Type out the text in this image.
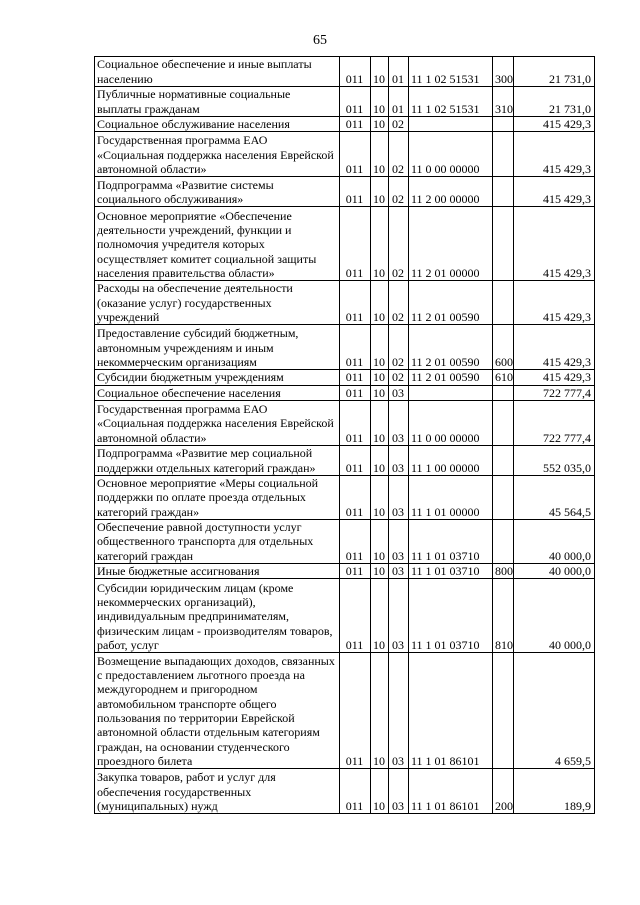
65
Социальное обеспечение и иные выплаты населению	011	10	01	11 1 02 51531	300	21 731,0
Публичные нормативные социальные выплаты гражданам	011	10	01	11 1 02 51531	310	21 731,0
Социальное обслуживание населения	011	10	02			415 429,3
Государственная программа ЕАО «Социальная поддержка населения Еврейской автономной области»	011	10	02	11 0 00 00000		415 429,3
Подпрограмма «Развитие системы социального обслуживания»	011	10	02	11 2 00 00000		415 429,3
Основное мероприятие «Обеспечение деятельности учреждений, функции и полномочия учредителя которых осуществляет комитет социальной защиты населения правительства области»	011	10	02	11 2 01 00000		415 429,3
Расходы на обеспечение деятельности (оказание услуг) государственных учреждений	011	10	02	11 2 01 00590		415 429,3
Предоставление субсидий бюджетным, автономным учреждениям и иным некоммерческим организациям	011	10	02	11 2 01 00590	600	415 429,3
Субсидии бюджетным учреждениям	011	10	02	11 2 01 00590	610	415 429,3
Социальное обеспечение населения	011	10	03			722 777,4
Государственная программа ЕАО «Социальная поддержка населения Еврейской автономной области»	011	10	03	11 0 00 00000		722 777,4
Подпрограмма «Развитие мер социальной поддержки отдельных категорий граждан»	011	10	03	11 1 00 00000		552 035,0
Основное мероприятие «Меры социальной поддержки по оплате проезда отдельных категорий граждан»	011	10	03	11 1 01 00000		45 564,5
Обеспечение равной доступности услуг общественного транспорта для отдельных категорий граждан	011	10	03	11 1 01 03710		40 000,0
Иные бюджетные ассигнования	011	10	03	11 1 01 03710	800	40 000,0
Субсидии юридическим лицам (кроме некоммерческих организаций), индивидуальным предпринимателям, физическим лицам - производителям товаров, работ, услуг	011	10	03	11 1 01 03710	810	40 000,0
Возмещение выпадающих доходов, связанных с предоставлением льготного проезда на междугороднем и пригородном автомобильном транспорте общего пользования по территории Еврейской автономной области отдельным категориям граждан, на основании студенческого проездного билета	011	10	03	11 1 01 86101		4 659,5
Закупка товаров, работ и услуг для обеспечения государственных (муниципальных) нужд	011	10	03	11 1 01 86101	200	189,9
